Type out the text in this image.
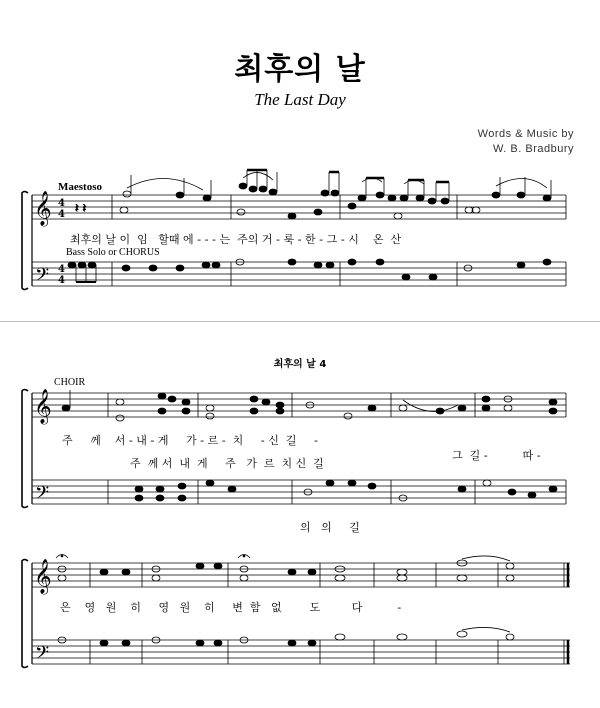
최후의 날
The Last Day
Words & Music by
W. B. Bradbury
Maestoso
최후의 날 이  임   할때 에 - - - 는  주의 거 - 룩 - 한 - 그 - 시    온  산
Bass Solo or CHORUS
최후의 날 4
CHOIR
주     께    서 - 내 - 게     가 - 르 -  치     - 신  길     -
그  길 -          따 -
주  께 서  내  게     주   가  르  치 신  길
의   의     길
은    영   원    히     영   원    히     변  함   없        도         다          -
𝄞
𝄢
4
4
4
4
𝄽 𝄽
𝄞
𝄢
𝄞
𝄢
